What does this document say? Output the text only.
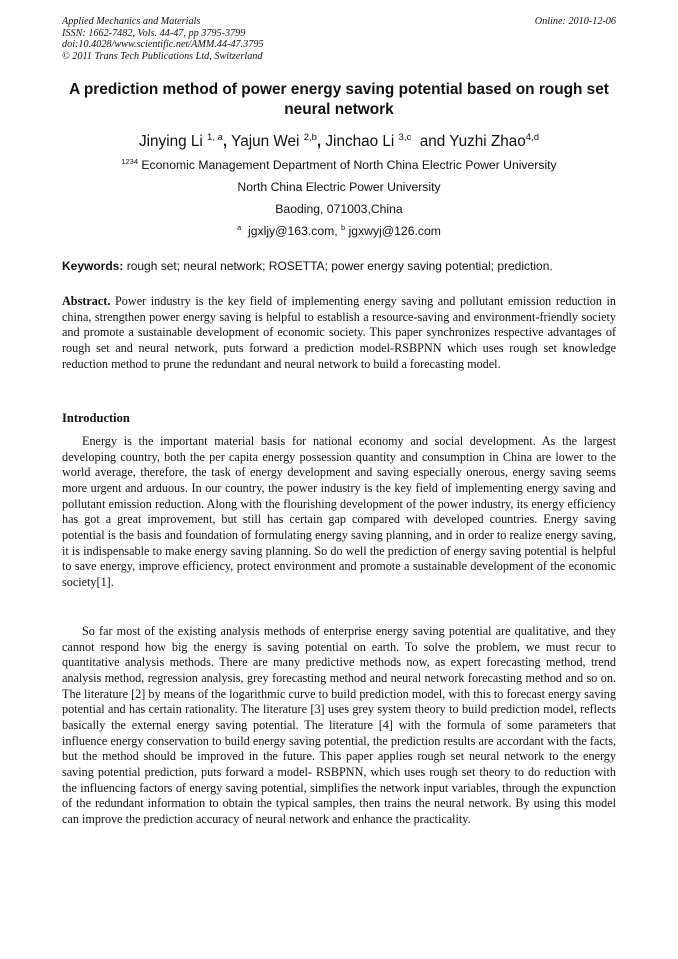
Applied Mechanics and Materials
ISSN: 1662-7482, Vols. 44-47, pp 3795-3799
doi:10.4028/www.scientific.net/AMM.44-47.3795
© 2011 Trans Tech Publications Ltd, Switzerland
Online: 2010-12-06
A prediction method of power energy saving potential based on rough set neural network
Jinying Li $^{1, a}$, Yajun Wei $^{2,b}$, Jinchao Li $^{3,c}$  and Yuzhi Zhao$^{4,d}$
$^{1234}$ Economic Management Department of North China Electric Power University
North China Electric Power University
Baoding, 071003,China
$^a$ jgxljy@163.com, $^b$ jgxwyj@126.com
Keywords: rough set; neural network; ROSETTA; power energy saving potential; prediction.
Abstract. Power industry is the key field of implementing energy saving and pollutant emission reduction in china, strengthen power energy saving is helpful to establish a resource-saving and environment-friendly society and promote a sustainable development of economic society. This paper synchronizes respective advantages of rough set and neural network, puts forward a prediction model-RSBPNN which uses rough set knowledge reduction method to prune the redundant and neural network to build a forecasting model.
Introduction

Energy is the important material basis for national economy and social development. As the largest developing country, both the per capita energy possession quantity and consumption in China are lower to the world average, therefore, the task of energy development and saving especially onerous, energy saving seems more urgent and arduous. In our country, the power industry is the key field of implementing energy saving and pollutant emission reduction. Along with the flourishing development of the power industry, its energy efficiency has got a great improvement, but still has certain gap compared with developed countries. Energy saving potential is the basis and foundation of formulating energy saving planning, and in order to realize energy saving, it is indispensable to make energy saving planning. So do well the prediction of energy saving potential is helpful to save energy, improve efficiency, protect environment and promote a sustainable development of the economic society[1].

So far most of the existing analysis methods of enterprise energy saving potential are qualitative, and they cannot respond how big the energy is saving potential on earth. To solve the problem, we must recur to quantitative analysis methods. There are many predictive methods now, as expert forecasting method, trend analysis method, regression analysis, grey forecasting method and neural network forecasting method and so on. The literature [2] by means of the logarithmic curve to build prediction model, with this to forecast energy saving potential and has certain rationality. The literature [3] uses grey system theory to build prediction model, reflects basically the external energy saving potential. The literature [4] with the formula of some parameters that influence energy conservation to build energy saving potential, the prediction results are accordant with the facts, but the method should be improved in the future. This paper applies rough set neural network to the energy saving potential prediction, puts forward a model- RSBPNN, which uses rough set theory to do reduction with the influencing factors of energy saving potential, simplifies the network input variables, through the expunction of the redundant information to obtain the typical samples, then trains the neural network. By using this model can improve the prediction accuracy of neural network and enhance the practicality.
